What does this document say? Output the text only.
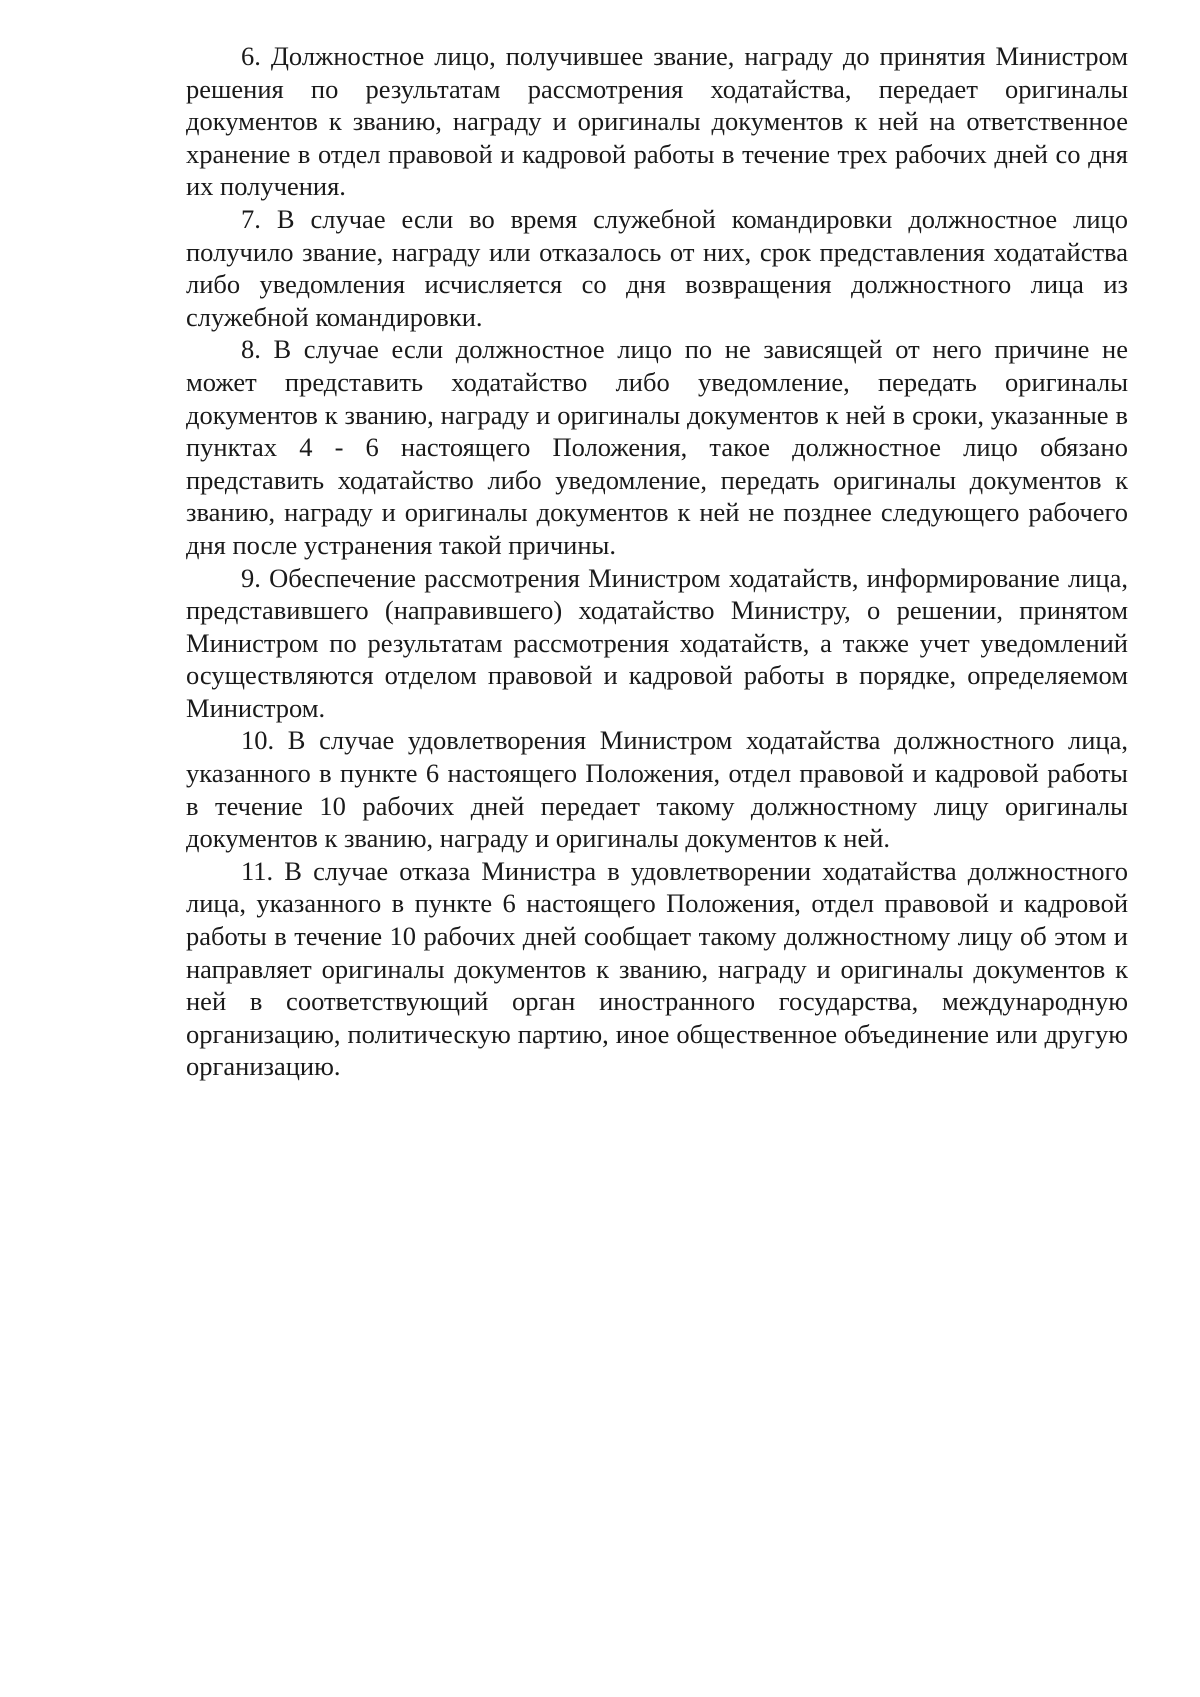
6. Должностное лицо, получившее звание, награду до принятия Министром решения по результатам рассмотрения ходатайства, передает оригиналы документов к званию, награду и оригиналы документов к ней на ответственное хранение в отдел правовой и кадровой работы в течение трех рабочих дней со дня их получения.

7. В случае если во время служебной командировки должностное лицо получило звание, награду или отказалось от них, срок представления ходатайства либо уведомления исчисляется со дня возвращения должностного лица из служебной командировки.

8. В случае если должностное лицо по не зависящей от него причине не может представить ходатайство либо уведомление, передать оригиналы документов к званию, награду и оригиналы документов к ней в сроки, указанные в пунктах 4 - 6 настоящего Положения, такое должностное лицо обязано представить ходатайство либо уведомление, передать оригиналы документов к званию, награду и оригиналы документов к ней не позднее следующего рабочего дня после устранения такой причины.

9. Обеспечение рассмотрения Министром ходатайств, информирование лица, представившего (направившего) ходатайство Министру, о решении, принятом Министром по результатам рассмотрения ходатайств, а также учет уведомлений осуществляются отделом правовой и кадровой работы в порядке, определяемом Министром.

10. В случае удовлетворения Министром ходатайства должностного лица, указанного в пункте 6 настоящего Положения, отдел правовой и кадровой работы в течение 10 рабочих дней передает такому должностному лицу оригиналы документов к званию, награду и оригиналы документов к ней.

11. В случае отказа Министра в удовлетворении ходатайства должностного лица, указанного в пункте 6 настоящего Положения, отдел правовой и кадровой работы в течение 10 рабочих дней сообщает такому должностному лицу об этом и направляет оригиналы документов к званию, награду и оригиналы документов к ней в соответствующий орган иностранного государства, международную организацию, политическую партию, иное общественное объединение или другую организацию.
